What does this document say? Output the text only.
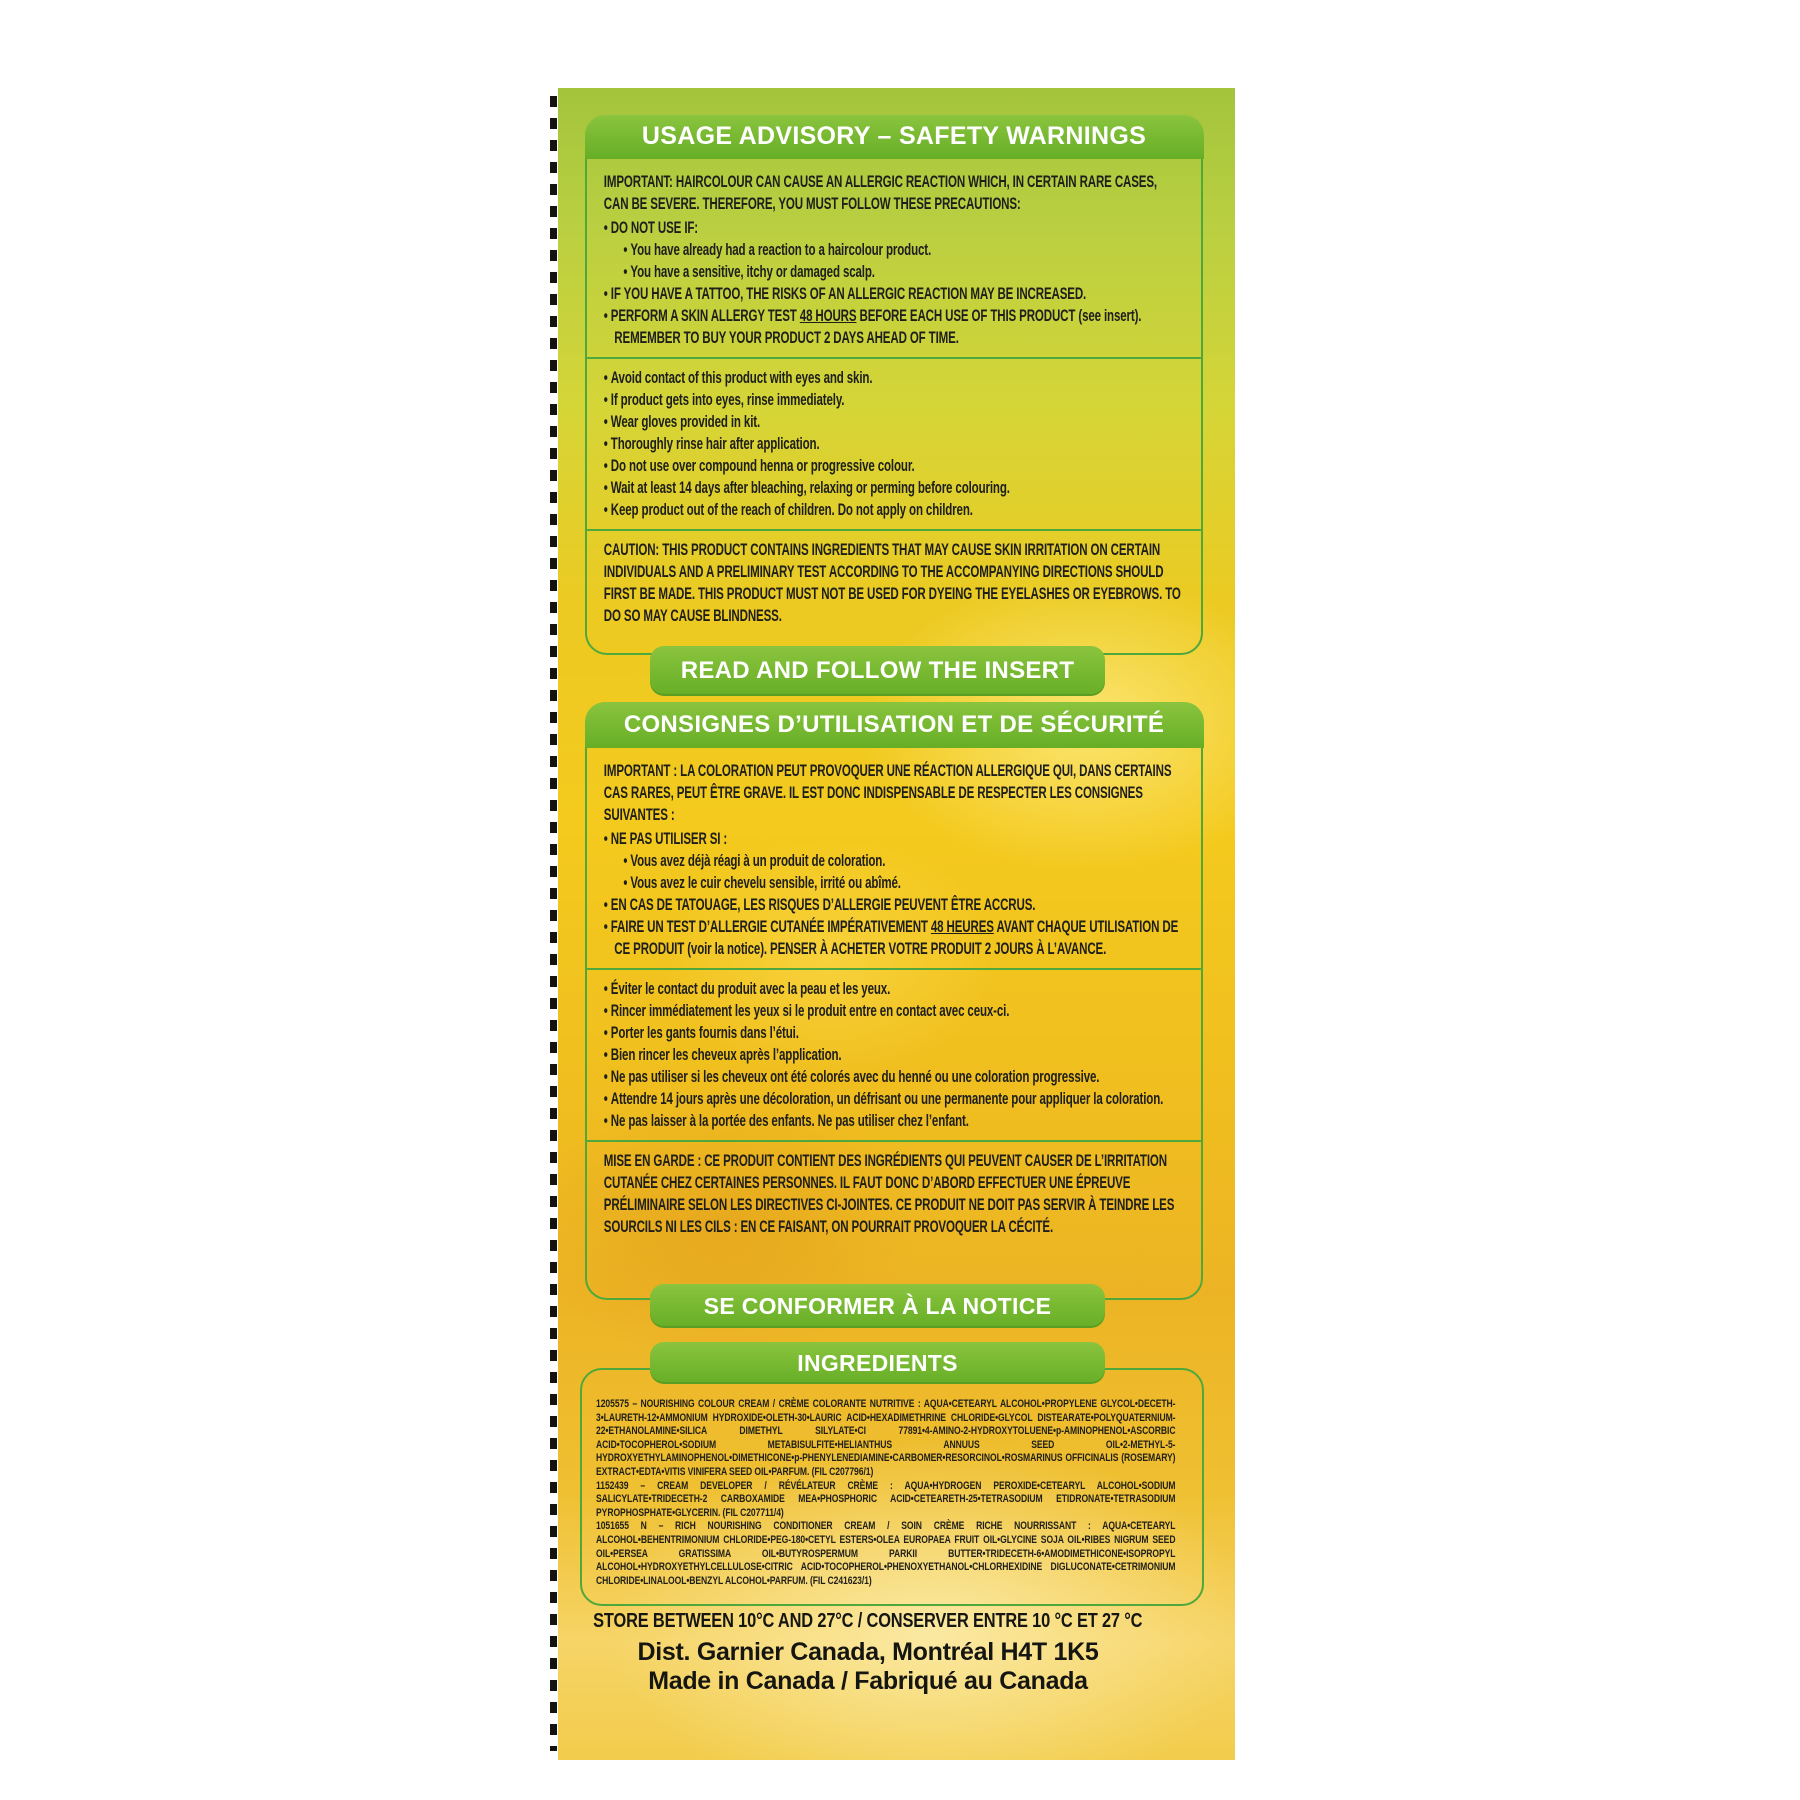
USAGE ADVISORY – SAFETY WARNINGS

IMPORTANT: HAIRCOLOUR CAN CAUSE AN ALLERGIC REACTION WHICH, IN CERTAIN RARE CASES, CAN BE SEVERE. THEREFORE, YOU MUST FOLLOW THESE PRECAUTIONS:

• DO NOT USE IF:
• You have already had a reaction to a haircolour product.
• You have a sensitive, itchy or damaged scalp.
• IF YOU HAVE A TATTOO, THE RISKS OF AN ALLERGIC REACTION MAY BE INCREASED.
• PERFORM A SKIN ALLERGY TEST 48 HOURS BEFORE EACH USE OF THIS PRODUCT (see insert). REMEMBER TO BUY YOUR PRODUCT 2 DAYS AHEAD OF TIME.
• Avoid contact of this product with eyes and skin.
• If product gets into eyes, rinse immediately.
• Wear gloves provided in kit.
• Thoroughly rinse hair after application.
• Do not use over compound henna or progressive colour.
• Wait at least 14 days after bleaching, relaxing or perming before colouring.
• Keep product out of the reach of children. Do not apply on children.

CAUTION: THIS PRODUCT CONTAINS INGREDIENTS THAT MAY CAUSE SKIN IRRITATION ON CERTAIN INDIVIDUALS AND A PRELIMINARY TEST ACCORDING TO THE ACCOMPANYING DIRECTIONS SHOULD FIRST BE MADE. THIS PRODUCT MUST NOT BE USED FOR DYEING THE EYELASHES OR EYEBROWS. TO DO SO MAY CAUSE BLINDNESS.

READ AND FOLLOW THE INSERT
CONSIGNES D’UTILISATION ET DE SÉCURITÉ

IMPORTANT : LA COLORATION PEUT PROVOQUER UNE RÉACTION ALLERGIQUE QUI, DANS CERTAINS CAS RARES, PEUT ÊTRE GRAVE. IL EST DONC INDISPENSABLE DE RESPECTER LES CONSIGNES SUIVANTES :

• NE PAS UTILISER SI :
• Vous avez déjà réagi à un produit de coloration.
• Vous avez le cuir chevelu sensible, irrité ou abîmé.
• EN CAS DE TATOUAGE, LES RISQUES D’ALLERGIE PEUVENT ÊTRE ACCRUS.
• FAIRE UN TEST D’ALLERGIE CUTANÉE IMPÉRATIVEMENT 48 HEURES AVANT CHAQUE UTILISATION DE CE PRODUIT (voir la notice). PENSER À ACHETER VOTRE PRODUIT 2 JOURS À L’AVANCE.
• Éviter le contact du produit avec la peau et les yeux.
• Rincer immédiatement les yeux si le produit entre en contact avec ceux-ci.
• Porter les gants fournis dans l’étui.
• Bien rincer les cheveux après l’application.
• Ne pas utiliser si les cheveux ont été colorés avec du henné ou une coloration progressive.
• Attendre 14 jours après une décoloration, un défrisant ou une permanente pour appliquer la coloration.
• Ne pas laisser à la portée des enfants. Ne pas utiliser chez l’enfant.

MISE EN GARDE : CE PRODUIT CONTIENT DES INGRÉDIENTS QUI PEUVENT CAUSER DE L’IRRITATION CUTANÉE CHEZ CERTAINES PERSONNES. IL FAUT DONC D’ABORD EFFECTUER UNE ÉPREUVE PRÉLIMINAIRE SELON LES DIRECTIVES CI-JOINTES. CE PRODUIT NE DOIT PAS SERVIR À TEINDRE LES SOURCILS NI LES CILS : EN CE FAISANT, ON POURRAIT PROVOQUER LA CÉCITÉ.

SE CONFORMER À LA NOTICE
INGREDIENTS

1205575 – NOURISHING COLOUR CREAM / CRÈME COLORANTE NUTRITIVE : AQUA•CETEARYL ALCOHOL•PROPYLENE GLYCOL•DECETH-3•LAURETH-12•AMMONIUM HYDROXIDE•OLETH-30•LAURIC ACID•HEXADIMETHRINE CHLORIDE•GLYCOL DISTEARATE•POLYQUATERNIUM-22•ETHANOLAMINE•SILICA DIMETHYL SILYLATE•CI 77891•4-AMINO-2-HYDROXYTOLUENE•p-AMINOPHENOL•ASCORBIC ACID•TOCOPHEROL•SODIUM METABISULFITE•HELIANTHUS ANNUUS SEED OIL•2-METHYL-5-HYDROXYETHYLAMINOPHENOL•DIMETHICONE•p-PHENYLENEDIAMINE•CARBOMER•RESORCINOL•ROSMARINUS OFFICINALIS (ROSEMARY) EXTRACT•EDTA•VITIS VINIFERA SEED OIL•PARFUM. (FIL C207796/1)

1152439 – CREAM DEVELOPER / RÉVÉLATEUR CRÈME : AQUA•HYDROGEN PEROXIDE•CETEARYL ALCOHOL•SODIUM SALICYLATE•TRIDECETH-2 CARBOXAMIDE MEA•PHOSPHORIC ACID•CETEARETH-25•TETRASODIUM ETIDRONATE•TETRASODIUM PYROPHOSPHATE•GLYCERIN. (FIL C207711/4)

1051655 N – RICH NOURISHING CONDITIONER CREAM / SOIN CRÈME RICHE NOURRISSANT : AQUA•CETEARYL ALCOHOL•BEHENTRIMONIUM CHLORIDE•PEG-180•CETYL ESTERS•OLEA EUROPAEA FRUIT OIL•GLYCINE SOJA OIL•RIBES NIGRUM SEED OIL•PERSEA GRATISSIMA OIL•BUTYROSPERMUM PARKII BUTTER•TRIDECETH-6•AMODIMETHICONE•ISOPROPYL ALCOHOL•HYDROXYETHYLCELLULOSE•CITRIC ACID•TOCOPHEROL•PHENOXYETHANOL•CHLORHEXIDINE DIGLUCONATE•CETRIMONIUM CHLORIDE•LINALOOL•BENZYL ALCOHOL•PARFUM. (FIL C241623/1)

STORE BETWEEN 10°C AND 27°C / CONSERVER ENTRE 10 °C ET 27 °C
Dist. Garnier Canada, Montréal H4T 1K5
Made in Canada / Fabriqué au Canada
